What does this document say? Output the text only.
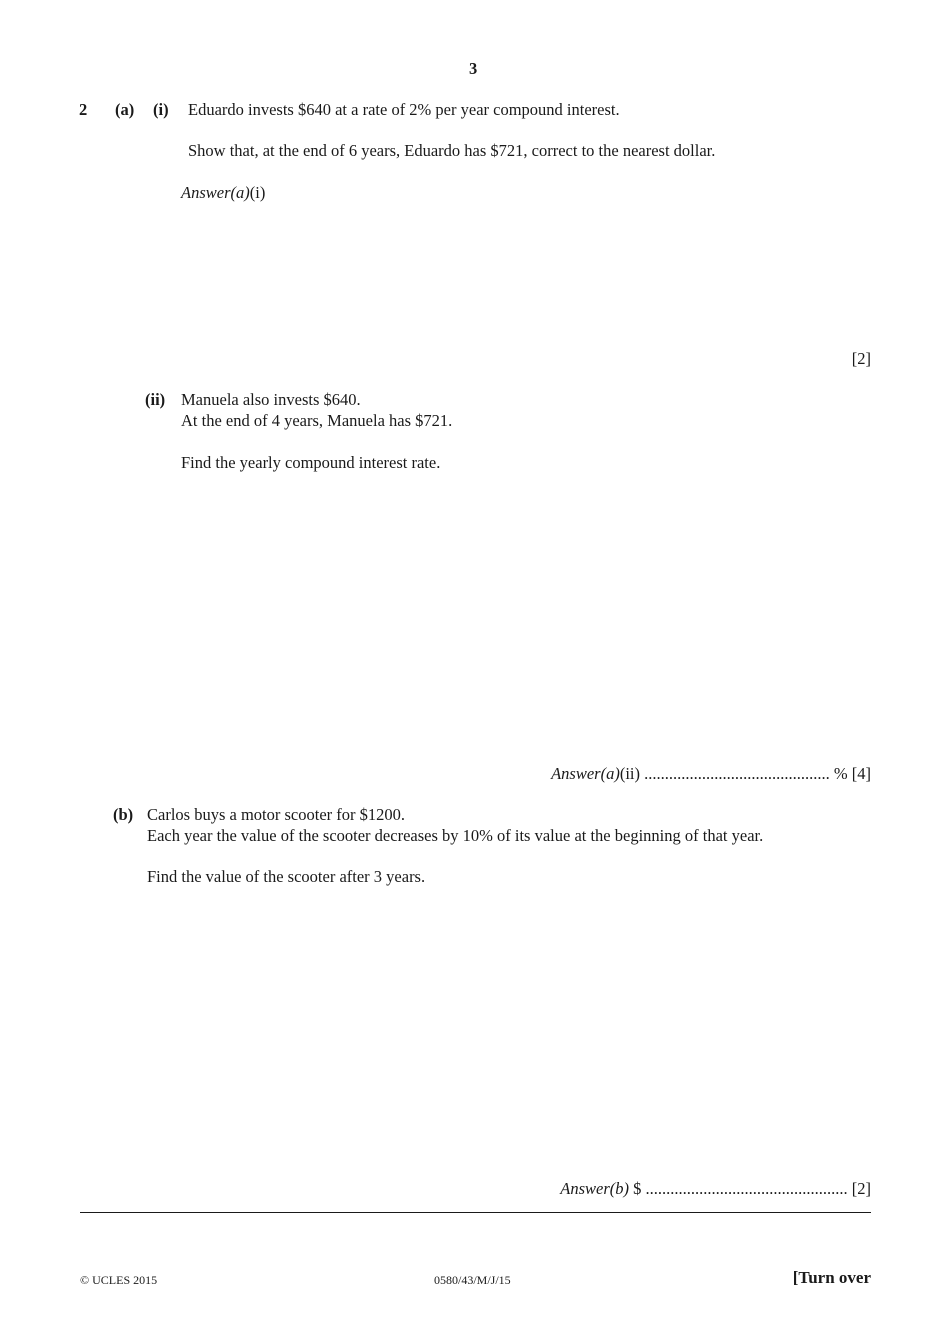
3
2 (a) (i) Eduardo invests $640 at a rate of 2% per year compound interest.
Show that, at the end of 6 years, Eduardo has $721, correct to the nearest dollar.
Answer(a)(i)
[2]
(ii) Manuela also invests $640.
At the end of 4 years, Manuela has $721.
Find the yearly compound interest rate.
Answer(a)(ii) ............................................. % [4]
(b) Carlos buys a motor scooter for $1200.
Each year the value of the scooter decreases by 10% of its value at the beginning of that year.
Find the value of the scooter after 3 years.
Answer(b) $ ................................................. [2]
© UCLES 2015	0580/43/M/J/15	[Turn over
